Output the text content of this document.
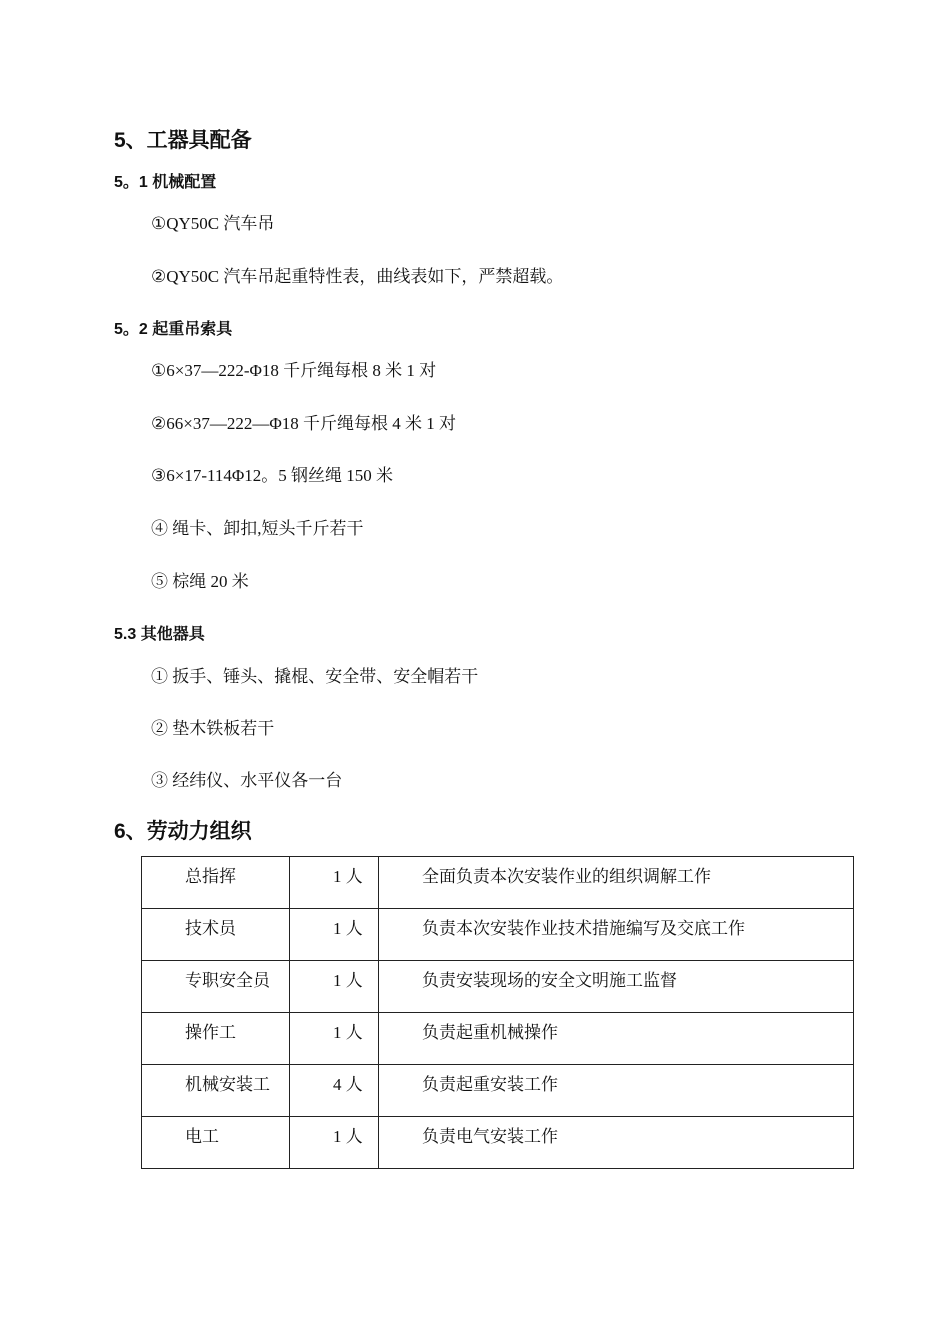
5、工器具配备
5。1 机械配置
①QY50C 汽车吊
②QY50C 汽车吊起重特性表，曲线表如下，严禁超载。
5。2 起重吊索具
①6×37—222-Φ18 千斤绳每根 8 米 1 对
②66×37—222—Φ18 千斤绳每根 4 米 1 对
③6×17-114Φ12。5 钢丝绳 150 米
④ 绳卡、卸扣,短头千斤若干
⑤ 棕绳 20 米
5.3 其他器具
① 扳手、锤头、撬棍、安全带、安全帽若干
② 垫木铁板若干
③ 经纬仪、水平仪各一台
6、劳动力组织
总指挥	1 人	全面负责本次安装作业的组织调解工作
技术员	1 人	负责本次安装作业技术措施编写及交底工作
专职安全员	1 人	负责安装现场的安全文明施工监督
操作工	1 人	负责起重机械操作
机械安装工	4 人	负责起重安装工作
电工	1 人	负责电气安装工作
